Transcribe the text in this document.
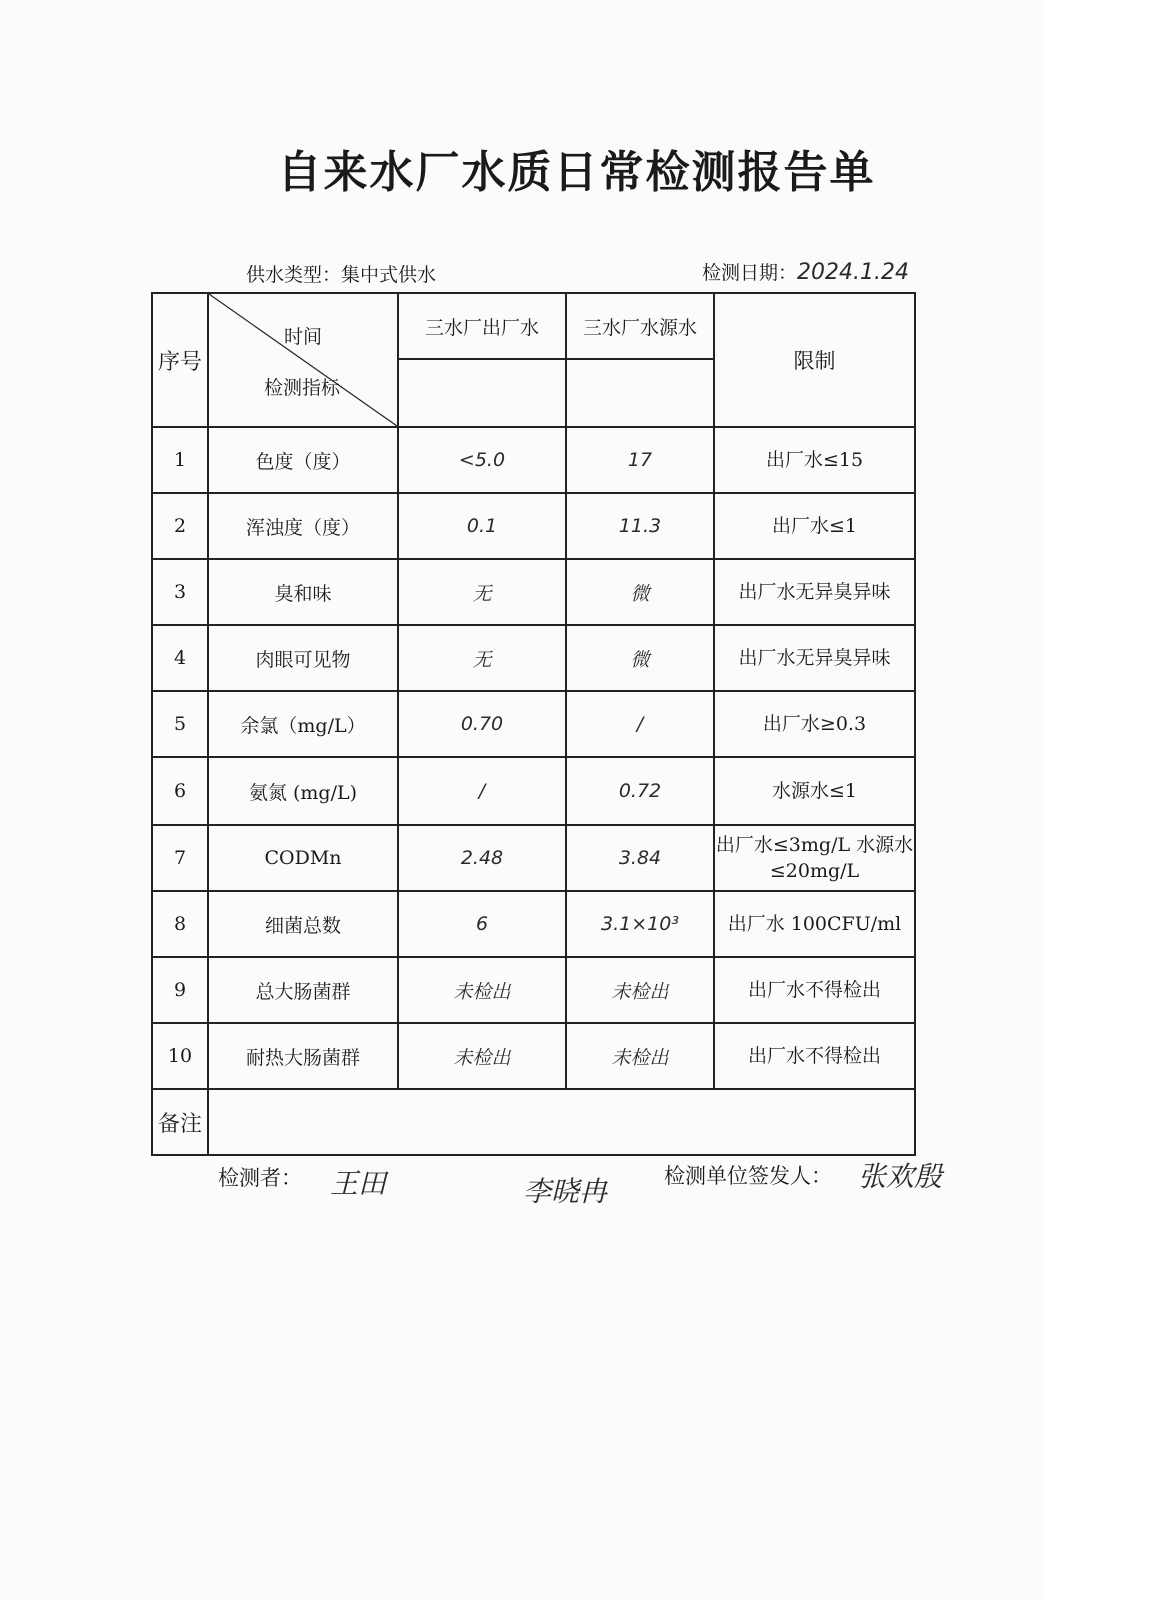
自来水厂水质日常检测报告单
供水类型：集中式供水	检测日期：2024.1.24
序号	时间
检测指标	三水厂出厂水	三水厂水源水	限制

1	色度（度）	<5.0	17	出厂水≤15
2	浑浊度（度）	0.1	11.3	出厂水≤1
3	臭和味	无	微	出厂水无异臭异味
4	肉眼可见物	无	微	出厂水无异臭异味
5	余氯（mg/L）	0.70	/	出厂水≥0.3
6	氨氮 (mg/L)	/	0.72	水源水≤1
7	CODMn	2.48	3.84	出厂水≤3mg/L 水源水≤20mg/L
8	细菌总数	6	3.1×10³	出厂水 100CFU/ml
9	总大肠菌群	未检出	未检出	出厂水不得检出
10	耐热大肠菌群	未检出	未检出	出厂水不得检出
备注				
检测者： 王田	李晓冉	检测单位签发人： 张欢殷
